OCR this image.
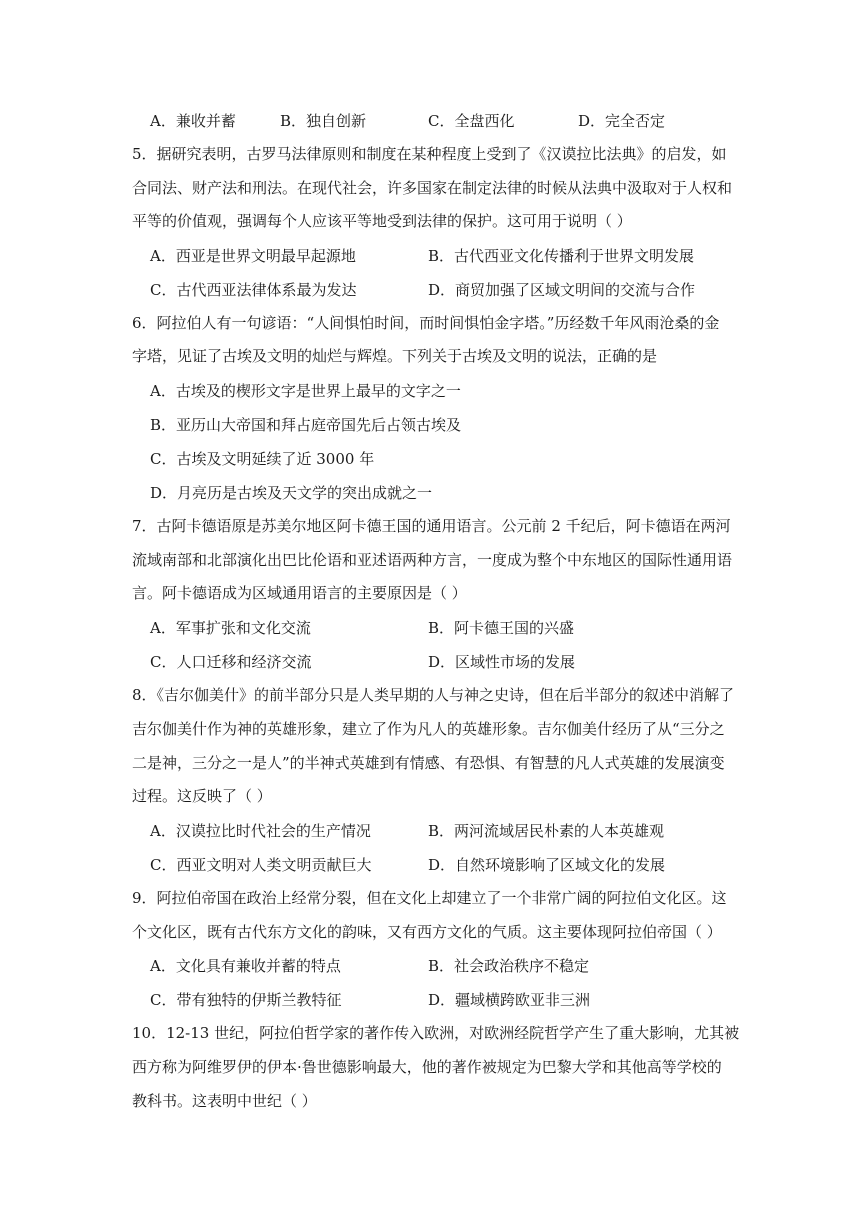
A．兼收并蓄	B．独自创新	C．全盘西化	D．完全否定
5．据研究表明，古罗马法律原则和制度在某种程度上受到了《汉谟拉比法典》的启发，如
合同法、财产法和刑法。在现代社会，许多国家在制定法律的时候从法典中汲取对于人权和
平等的价值观，强调每个人应该平等地受到法律的保护。这可用于说明（ ）
A．西亚是世界文明最早起源地	B．古代西亚文化传播利于世界文明发展
C．古代西亚法律体系最为发达	D．商贸加强了区域文明间的交流与合作
6．阿拉伯人有一句谚语：“人间惧怕时间，而时间惧怕金字塔。”历经数千年风雨沧桑的金
字塔，见证了古埃及文明的灿烂与辉煌。下列关于古埃及文明的说法，正确的是
A．古埃及的楔形文字是世界上最早的文字之一
B．亚历山大帝国和拜占庭帝国先后占领古埃及
C．古埃及文明延续了近 3000 年
D．月亮历是古埃及天文学的突出成就之一
7．古阿卡德语原是苏美尔地区阿卡德王国的通用语言。公元前 2 千纪后，阿卡德语在两河
流域南部和北部演化出巴比伦语和亚述语两种方言，一度成为整个中东地区的国际性通用语
言。阿卡德语成为区域通用语言的主要原因是（ ）
A．军事扩张和文化交流	B．阿卡德王国的兴盛
C．人口迁移和经济交流	D．区域性市场的发展
8．《吉尔伽美什》的前半部分只是人类早期的人与神之史诗，但在后半部分的叙述中消解了
吉尔伽美什作为神的英雄形象，建立了作为凡人的英雄形象。吉尔伽美什经历了从“三分之
二是神，三分之一是人”的半神式英雄到有情感、有恐惧、有智慧的凡人式英雄的发展演变
过程。这反映了（ ）
A．汉谟拉比时代社会的生产情况	B．两河流域居民朴素的人本英雄观
C．西亚文明对人类文明贡献巨大	D．自然环境影响了区域文化的发展
9．阿拉伯帝国在政治上经常分裂，但在文化上却建立了一个非常广阔的阿拉伯文化区。这
个文化区，既有古代东方文化的韵味，又有西方文化的气质。这主要体现阿拉伯帝国（ ）
A．文化具有兼收并蓄的特点	B．社会政治秩序不稳定
C．带有独特的伊斯兰教特征	D．疆域横跨欧亚非三洲
10．12-13 世纪，阿拉伯哲学家的著作传入欧洲，对欧洲经院哲学产生了重大影响，尤其被
西方称为阿维罗伊的伊本·鲁世德影响最大，他的著作被规定为巴黎大学和其他高等学校的
教科书。这表明中世纪（ ）
